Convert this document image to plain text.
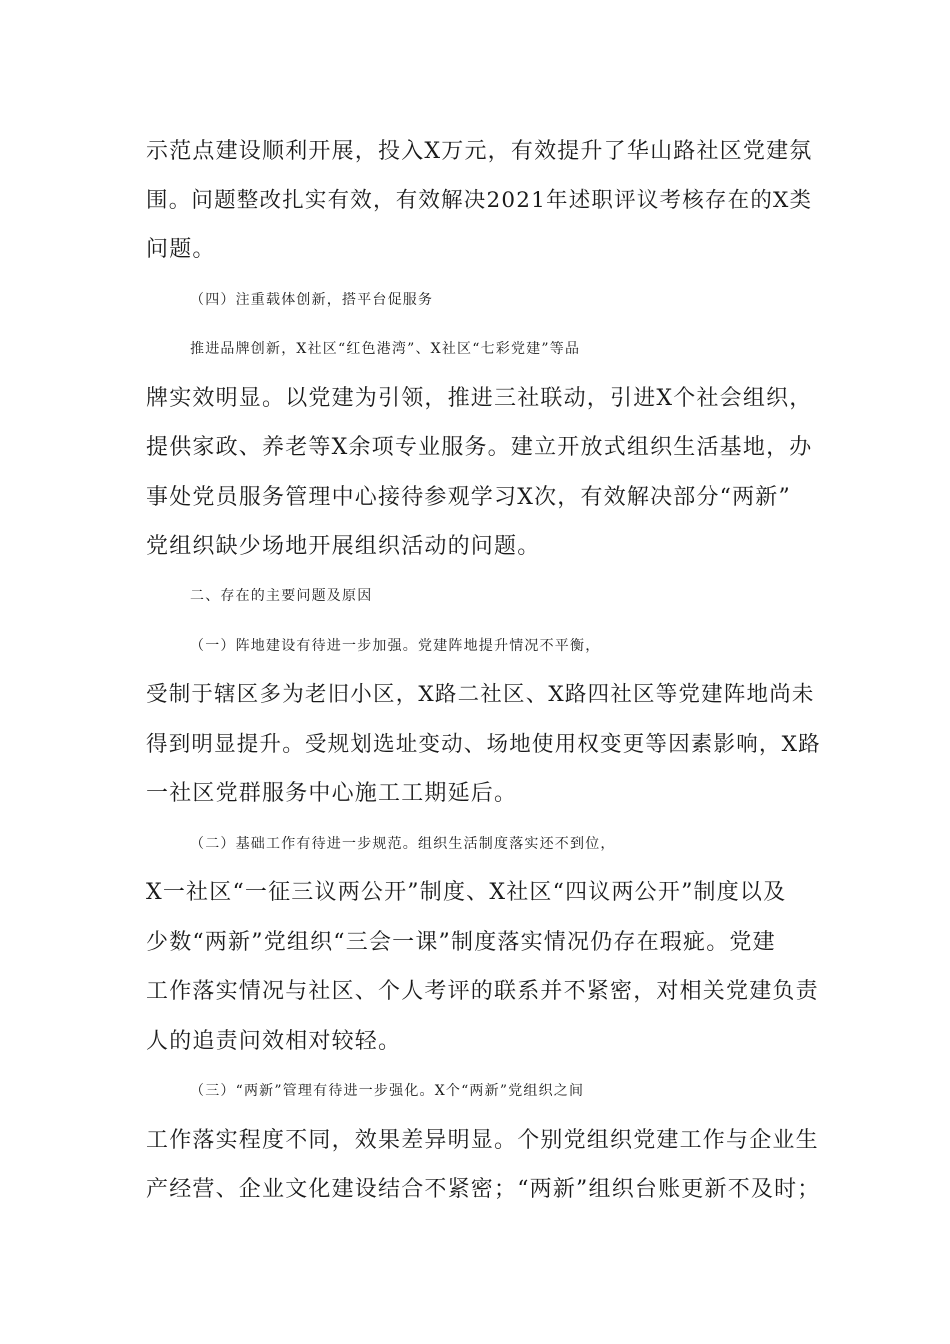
示范点建设顺利开展，投入X万元，有效提升了华山路社区党建氛
围。问题整改扎实有效，有效解决2021年述职评议考核存在的X类
问题。
（四）注重载体创新，搭平台促服务
推进品牌创新，X社区“红色港湾”、X社区“七彩党建”等品
牌实效明显。以党建为引领，推进三社联动，引进X个社会组织，
提供家政、养老等X余项专业服务。建立开放式组织生活基地，办
事处党员服务管理中心接待参观学习X次，有效解决部分“两新”
党组织缺少场地开展组织活动的问题。
二、存在的主要问题及原因
（一）阵地建设有待进一步加强。党建阵地提升情况不平衡，
受制于辖区多为老旧小区，X路二社区、X路四社区等党建阵地尚未
得到明显提升。受规划选址变动、场地使用权变更等因素影响，X路
一社区党群服务中心施工工期延后。
（二）基础工作有待进一步规范。组织生活制度落实还不到位，
X一社区“一征三议两公开”制度、X社区“四议两公开”制度以及
少数“两新”党组织“三会一课”制度落实情况仍存在瑕疵。党建
工作落实情况与社区、个人考评的联系并不紧密，对相关党建负责
人的追责问效相对较轻。
（三）“两新”管理有待进一步强化。X个“两新”党组织之间
工作落实程度不同，效果差异明显。个别党组织党建工作与企业生
产经营、企业文化建设结合不紧密；“两新”组织台账更新不及时；
